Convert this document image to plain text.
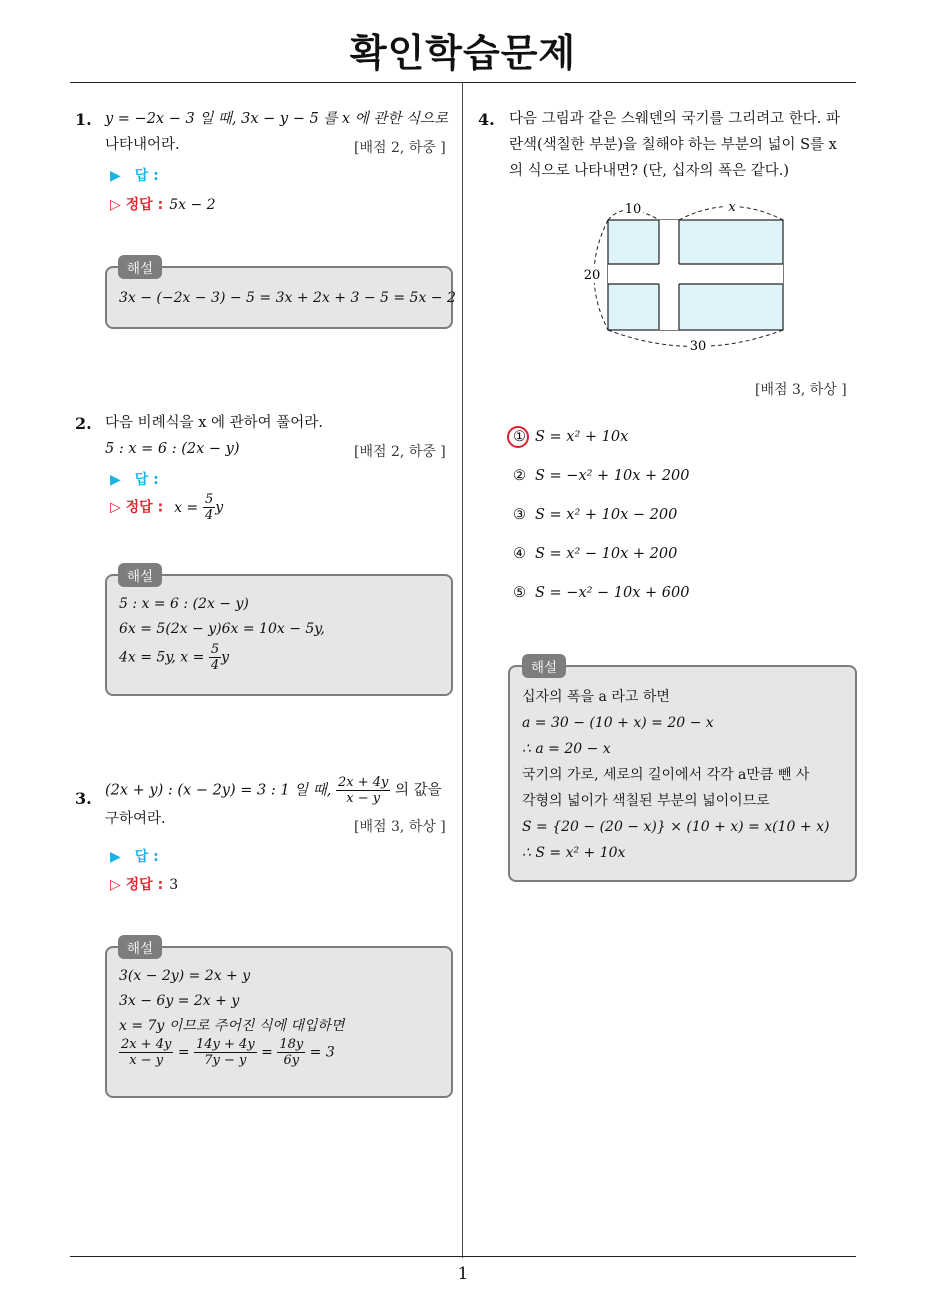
확인학습문제
1
1. y = −2x − 3 일 때, 3x − y − 5 를 x 에 관한 식으로
나타내어라.	[배점 2, 하중 ]
▶ 답 :
▷ 정답 : 5x − 2
3x − (−2x − 3) − 5 = 3x + 2x + 3 − 5 = 5x − 2
해설
2. 다음 비례식을 x 에 관하여 풀어라.
5 : x = 6 : (2x − y)	[배점 2, 하중 ]
▶ 답 :
▷ 정답 : $x = \frac{5}{4}$ y
5 : x = 6 : (2x − y)
6x = 5(2x − y)6x = 10x − 5y,
4x = 5y, $x = \frac{5}{4}$ y
해설
3. (2x + y) : (x − 2y) = 3 : 1 일 때, $\frac{2x + 4y}{x - y}$ 의 값을
구하여라.	[배점 3, 하상 ]
▶ 답 :
▷ 정답 : 3
3(x − 2y) = 2x + y
3x − 6y = 2x + y
x = 7y 이므로 주어진 식에 대입하면
$\frac{2x + 4y}{x - y} = \frac{14y + 4y}{7y - y} = \frac{18y}{6y} = 3$
해설
4. 다음 그림과 같은 스웨덴의 국기를 그리려고 한다. 파
란색(색칠한 부분)을 칠해야 하는 부분의 넓이 S를 x
의 식으로 나타내면? (단, 십자의 폭은 같다.)
10	x
20
30
[배점 3, 하상 ]
① S = x² + 10x
② S = −x² + 10x + 200
③ S = x² + 10x − 200
④ S = x² − 10x + 200
⑤ S = −x² − 10x + 600
십자의 폭을 a 라고 하면
a = 30 − (10 + x) = 20 − x
∴ a = 20 − x
국기의 가로, 세로의 길이에서 각각 a만큼 뺀 사
각형의 넓이가 색칠된 부분의 넓이이므로
S = {20 − (20 − x)} × (10 + x) = x(10 + x)
∴ S = x² + 10x
해설
